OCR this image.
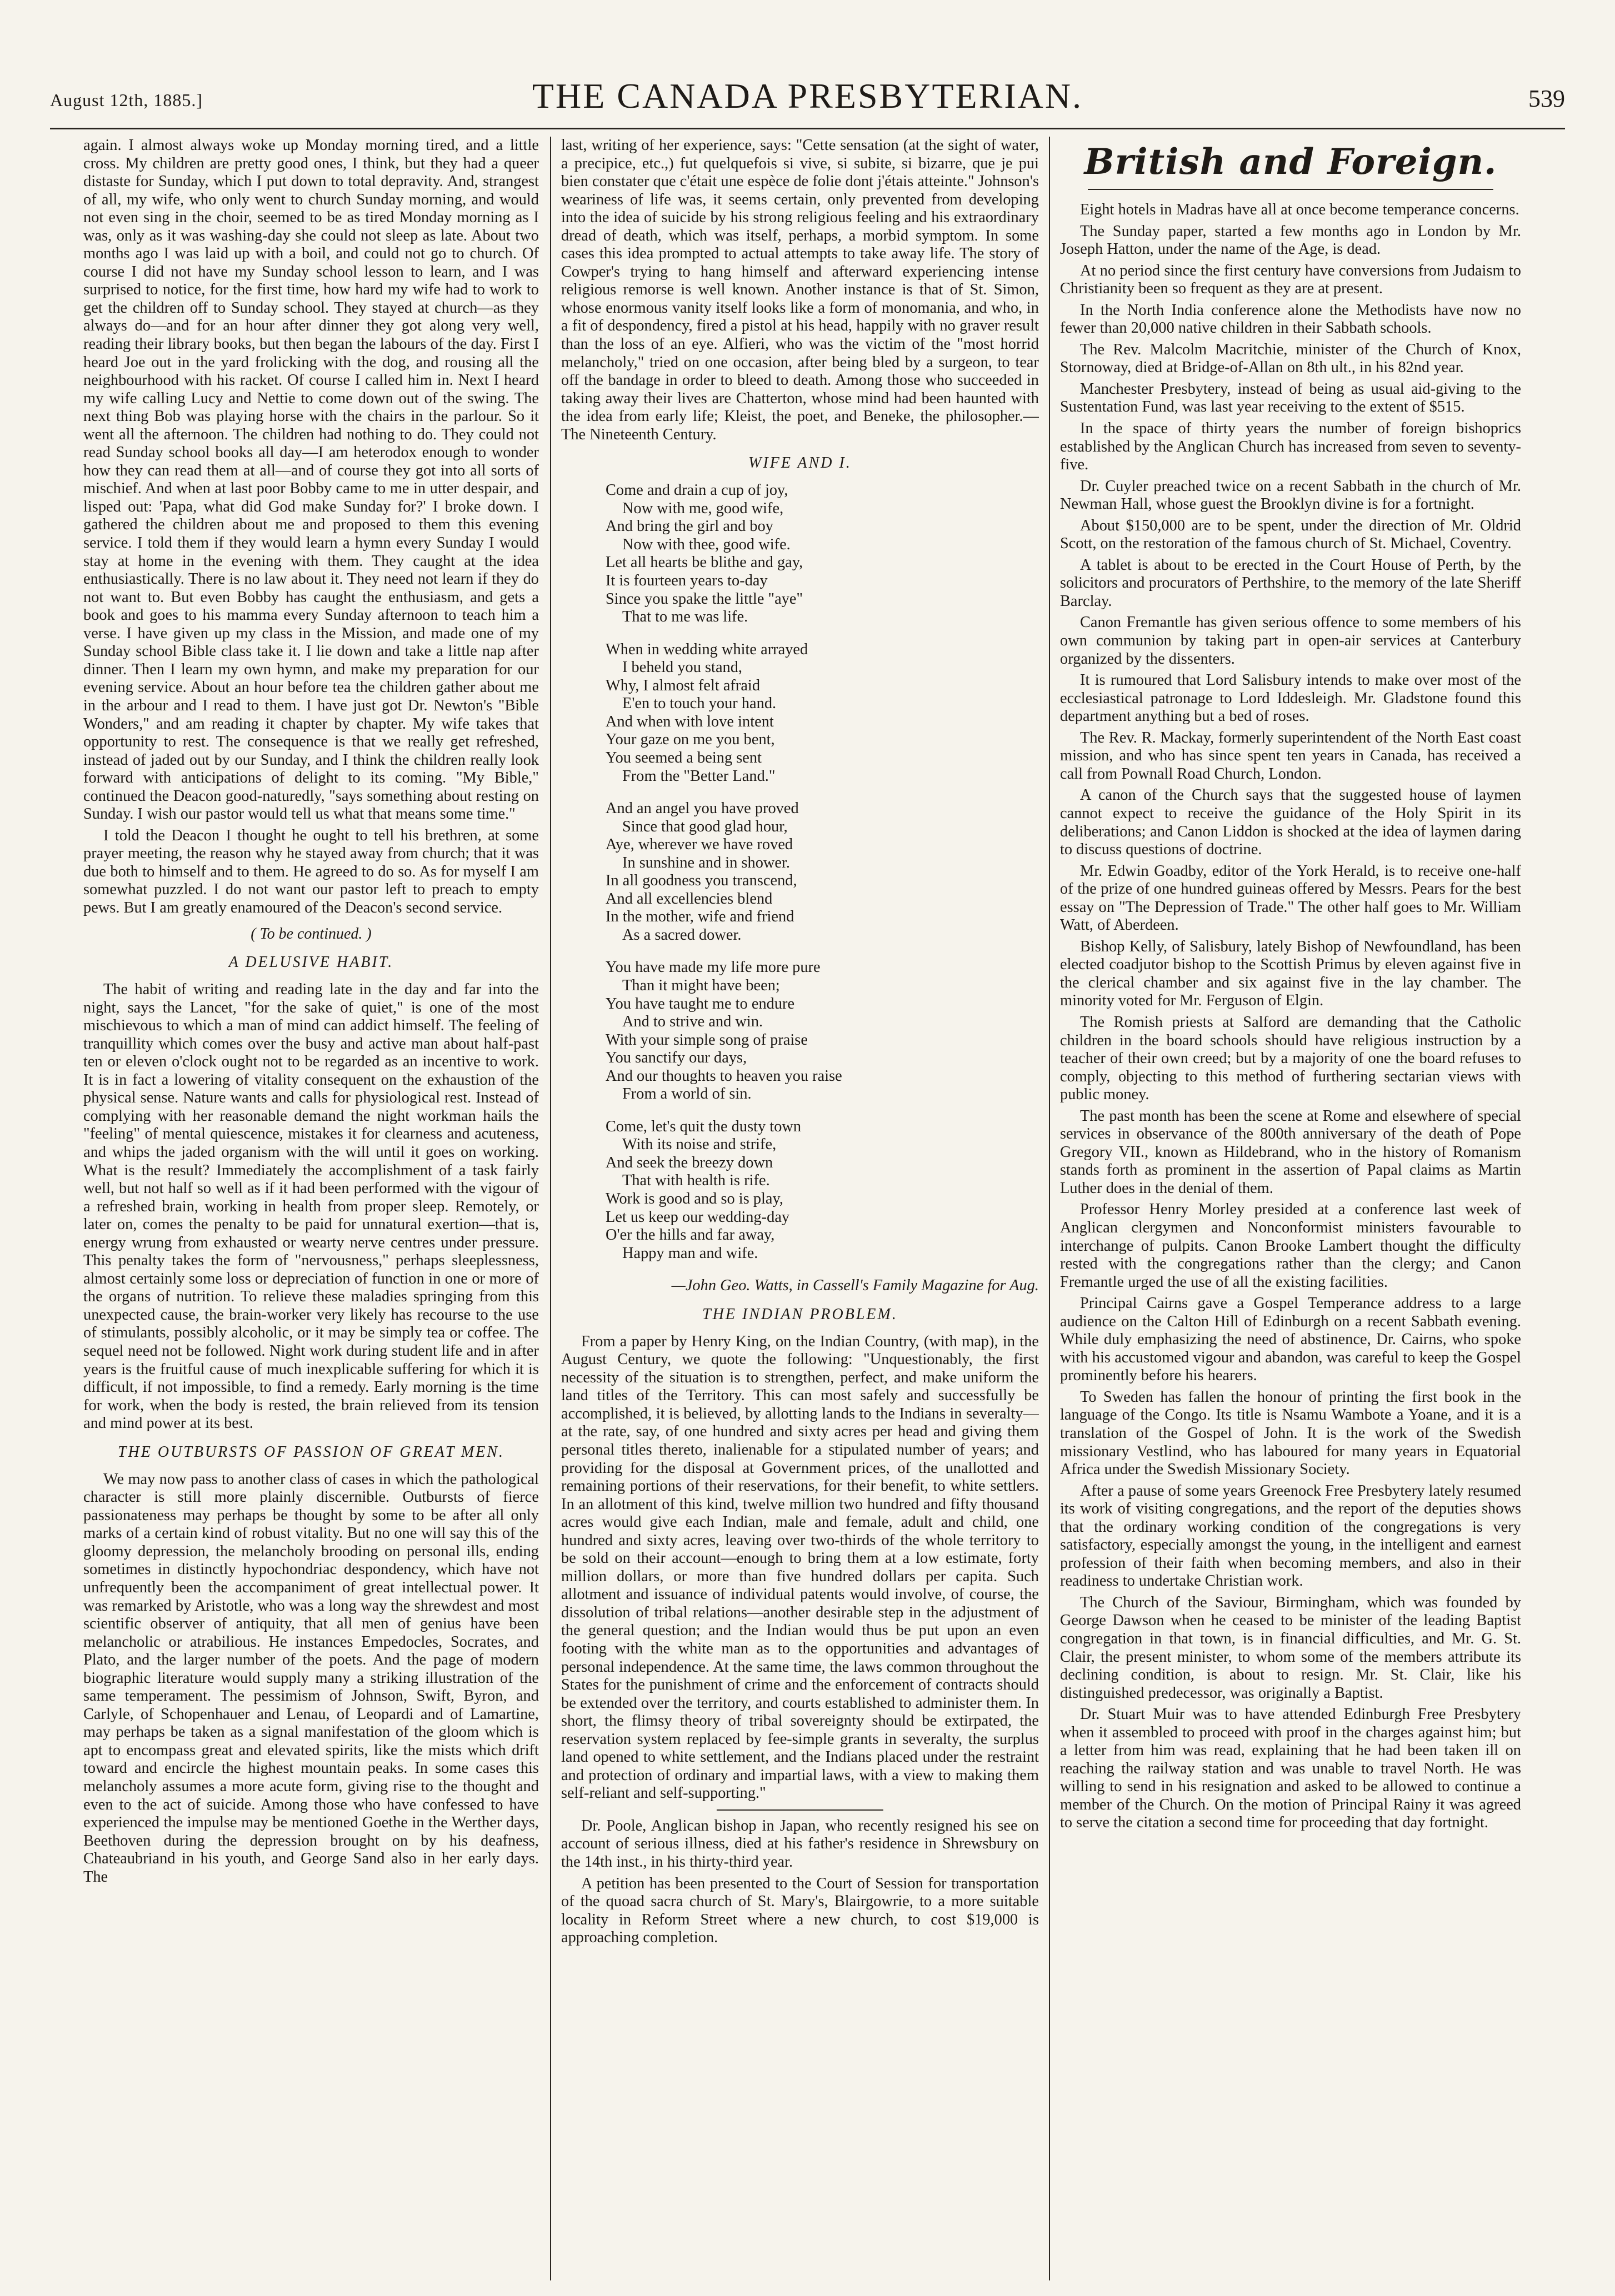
August 12th, 1885.]	THE CANADA PRESBYTERIAN.	539

again. I almost always woke up Monday morning tired, and a little cross. My children are pretty good ones, I think, but they had a queer distaste for Sunday, which I put down to total depravity. And, strangest of all, my wife, who only went to church Sunday morning, and would not even sing in the choir, seemed to be as tired Monday morning as I was, only as it was washing-day she could not sleep as late. About two months ago I was laid up with a boil, and could not go to church. Of course I did not have my Sunday school lesson to learn, and I was surprised to notice, for the first time, how hard my wife had to work to get the children off to Sunday school. They stayed at church—as they always do—and for an hour after dinner they got along very well, reading their library books, but then began the labours of the day. First I heard Joe out in the yard frolicking with the dog, and rousing all the neighbourhood with his racket. Of course I called him in. Next I heard my wife calling Lucy and Nettie to come down out of the swing. The next thing Bob was playing horse with the chairs in the parlour. So it went all the afternoon. The children had nothing to do. They could not read Sunday school books all day—I am heterodox enough to wonder how they can read them at all—and of course they got into all sorts of mischief. And when at last poor Bobby came to me in utter despair, and lisped out: 'Papa, what did God make Sunday for?' I broke down. I gathered the children about me and proposed to them this evening service. I told them if they would learn a hymn every Sunday I would stay at home in the evening with them. They caught at the idea enthusiastically. There is no law about it. They need not learn if they do not want to. But even Bobby has caught the enthusiasm, and gets a book and goes to his mamma every Sunday afternoon to teach him a verse. I have given up my class in the Mission, and made one of my Sunday school Bible class take it. I lie down and take a little nap after dinner. Then I learn my own hymn, and make my preparation for our evening service. About an hour before tea the children gather about me in the arbour and I read to them. I have just got Dr. Newton's "Bible Wonders," and am reading it chapter by chapter. My wife takes that opportunity to rest. The consequence is that we really get refreshed, instead of jaded out by our Sunday, and I think the children really look forward with anticipations of delight to its coming. "My Bible," continued the Deacon good-naturedly, "says something about resting on Sunday. I wish our pastor would tell us what that means some time."

I told the Deacon I thought he ought to tell his brethren, at some prayer meeting, the reason why he stayed away from church; that it was due both to himself and to them. He agreed to do so. As for myself I am somewhat puzzled. I do not want our pastor left to preach to empty pews. But I am greatly enamoured of the Deacon's second service.

( To be continued. )
A DELUSIVE HABIT.

The habit of writing and reading late in the day and far into the night, says the Lancet, "for the sake of quiet," is one of the most mischievous to which a man of mind can addict himself. The feeling of tranquillity which comes over the busy and active man about half-past ten or eleven o'clock ought not to be regarded as an incentive to work. It is in fact a lowering of vitality consequent on the exhaustion of the physical sense. Nature wants and calls for physiological rest. Instead of complying with her reasonable demand the night workman hails the "feeling" of mental quiescence, mistakes it for clearness and acuteness, and whips the jaded organism with the will until it goes on working. What is the result? Immediately the accomplishment of a task fairly well, but not half so well as if it had been performed with the vigour of a refreshed brain, working in health from proper sleep. Remotely, or later on, comes the penalty to be paid for unnatural exertion—that is, energy wrung from exhausted or wearty nerve centres under pressure. This penalty takes the form of "nervousness," perhaps sleeplessness, almost certainly some loss or depreciation of function in one or more of the organs of nutrition. To relieve these maladies springing from this unexpected cause, the brain-worker very likely has recourse to the use of stimulants, possibly alcoholic, or it may be simply tea or coffee. The sequel need not be followed. Night work during student life and in after years is the fruitful cause of much inexplicable suffering for which it is difficult, if not impossible, to find a remedy. Early morning is the time for work, when the body is rested, the brain relieved from its tension and mind power at its best.

THE OUTBURSTS OF PASSION OF GREAT MEN.

We may now pass to another class of cases in which the pathological character is still more plainly discernible. Outbursts of fierce passionateness may perhaps be thought by some to be after all only marks of a certain kind of robust vitality. But no one will say this of the gloomy depression, the melancholy brooding on personal ills, ending sometimes in distinctly hypochondriac despondency, which have not unfrequently been the accompaniment of great intellectual power. It was remarked by Aristotle, who was a long way the shrewdest and most scientific observer of antiquity, that all men of genius have been melancholic or atrabilious. He instances Empedocles, Socrates, and Plato, and the larger number of the poets. And the page of modern biographic literature would supply many a striking illustration of the same temperament. The pessimism of Johnson, Swift, Byron, and Carlyle, of Schopenhauer and Lenau, of Leopardi and of Lamartine, may perhaps be taken as a signal manifestation of the gloom which is apt to encompass great and elevated spirits, like the mists which drift toward and encircle the highest mountain peaks. In some cases this melancholy assumes a more acute form, giving rise to the thought and even to the act of suicide. Among those who have confessed to have experienced the impulse may be mentioned Goethe in the Werther days, Beethoven during the depression brought on by his deafness, Chateaubriand in his youth, and George Sand also in her early days. The

last, writing of her experience, says: "Cette sensation (at the sight of water, a precipice, etc.,) fut quelquefois si vive, si subite, si bizarre, que je pui bien constater que c'était une espèce de folie dont j'étais atteinte." Johnson's weariness of life was, it seems certain, only prevented from developing into the idea of suicide by his strong religious feeling and his extraordinary dread of death, which was itself, perhaps, a morbid symptom. In some cases this idea prompted to actual attempts to take away life. The story of Cowper's trying to hang himself and afterward experiencing intense religious remorse is well known. Another instance is that of St. Simon, whose enormous vanity itself looks like a form of monomania, and who, in a fit of despondency, fired a pistol at his head, happily with no graver result than the loss of an eye. Alfieri, who was the victim of the "most horrid melancholy," tried on one occasion, after being bled by a surgeon, to tear off the bandage in order to bleed to death. Among those who succeeded in taking away their lives are Chatterton, whose mind had been haunted with the idea from early life; Kleist, the poet, and Beneke, the philosopher.—The Nineteenth Century.

WIFE AND I.
Come and drain a cup of joy,
Now with me, good wife,
And bring the girl and boy
Now with thee, good wife.
Let all hearts be blithe and gay,
It is fourteen years to-day
Since you spake the little "aye"
That to me was life.
When in wedding white arrayed
I beheld you stand,
Why, I almost felt afraid
E'en to touch your hand.
And when with love intent
Your gaze on me you bent,
You seemed a being sent
From the "Better Land."
And an angel you have proved
Since that good glad hour,
Aye, wherever we have roved
In sunshine and in shower.
In all goodness you transcend,
And all excellencies blend
In the mother, wife and friend
As a sacred dower.
You have made my life more pure
Than it might have been;
You have taught me to endure
And to strive and win.
With your simple song of praise
You sanctify our days,
And our thoughts to heaven you raise
From a world of sin.
Come, let's quit the dusty town
With its noise and strife,
And seek the breezy down
That with health is rife.
Work is good and so is play,
Let us keep our wedding-day
O'er the hills and far away,
Happy man and wife.
—John Geo. Watts, in Cassell's Family Magazine for Aug.
THE INDIAN PROBLEM.

From a paper by Henry King, on the Indian Country, (with map), in the August Century, we quote the following: "Unquestionably, the first necessity of the situation is to strengthen, perfect, and make uniform the land titles of the Territory. This can most safely and successfully be accomplished, it is believed, by allotting lands to the Indians in severalty—at the rate, say, of one hundred and sixty acres per head and giving them personal titles thereto, inalienable for a stipulated number of years; and providing for the disposal at Government prices, of the unallotted and remaining portions of their reservations, for their benefit, to white settlers. In an allotment of this kind, twelve million two hundred and fifty thousand acres would give each Indian, male and female, adult and child, one hundred and sixty acres, leaving over two-thirds of the whole territory to be sold on their account—enough to bring them at a low estimate, forty million dollars, or more than five hundred dollars per capita. Such allotment and issuance of individual patents would involve, of course, the dissolution of tribal relations—another desirable step in the adjustment of the general question; and the Indian would thus be put upon an even footing with the white man as to the opportunities and advantages of personal independence. At the same time, the laws common throughout the States for the punishment of crime and the enforcement of contracts should be extended over the territory, and courts established to administer them. In short, the flimsy theory of tribal sovereignty should be extirpated, the reservation system replaced by fee-simple grants in severalty, the surplus land opened to white settlement, and the Indians placed under the restraint and protection of ordinary and impartial laws, with a view to making them self-reliant and self-supporting."

Dr. Poole, Anglican bishop in Japan, who recently resigned his see on account of serious illness, died at his father's residence in Shrewsbury on the 14th inst., in his thirty-third year.

A petition has been presented to the Court of Session for transportation of the quoad sacra church of St. Mary's, Blairgowrie, to a more suitable locality in Reform Street where a new church, to cost $19,000 is approaching completion.

British and Foreign.

Eight hotels in Madras have all at once become temperance concerns.

The Sunday paper, started a few months ago in London by Mr. Joseph Hatton, under the name of the Age, is dead.

At no period since the first century have conversions from Judaism to Christianity been so frequent as they are at present.

In the North India conference alone the Methodists have now no fewer than 20,000 native children in their Sabbath schools.

The Rev. Malcolm Macritchie, minister of the Church of Knox, Stornoway, died at Bridge-of-Allan on 8th ult., in his 82nd year.

Manchester Presbytery, instead of being as usual aid-giving to the Sustentation Fund, was last year receiving to the extent of $515.

In the space of thirty years the number of foreign bishoprics established by the Anglican Church has increased from seven to seventy-five.

Dr. Cuyler preached twice on a recent Sabbath in the church of Mr. Newman Hall, whose guest the Brooklyn divine is for a fortnight.

About $150,000 are to be spent, under the direction of Mr. Oldrid Scott, on the restoration of the famous church of St. Michael, Coventry.

A tablet is about to be erected in the Court House of Perth, by the solicitors and procurators of Perthshire, to the memory of the late Sheriff Barclay.

Canon Fremantle has given serious offence to some members of his own communion by taking part in open-air services at Canterbury organized by the dissenters.

It is rumoured that Lord Salisbury intends to make over most of the ecclesiastical patronage to Lord Iddesleigh. Mr. Gladstone found this department anything but a bed of roses.

The Rev. R. Mackay, formerly superintendent of the North East coast mission, and who has since spent ten years in Canada, has received a call from Pownall Road Church, London.

A canon of the Church says that the suggested house of laymen cannot expect to receive the guidance of the Holy Spirit in its deliberations; and Canon Liddon is shocked at the idea of laymen daring to discuss questions of doctrine.

Mr. Edwin Goadby, editor of the York Herald, is to receive one-half of the prize of one hundred guineas offered by Messrs. Pears for the best essay on "The Depression of Trade." The other half goes to Mr. William Watt, of Aberdeen.

Bishop Kelly, of Salisbury, lately Bishop of Newfoundland, has been elected coadjutor bishop to the Scottish Primus by eleven against five in the clerical chamber and six against five in the lay chamber. The minority voted for Mr. Ferguson of Elgin.

The Romish priests at Salford are demanding that the Catholic children in the board schools should have religious instruction by a teacher of their own creed; but by a majority of one the board refuses to comply, objecting to this method of furthering sectarian views with public money.

The past month has been the scene at Rome and elsewhere of special services in observance of the 800th anniversary of the death of Pope Gregory VII., known as Hildebrand, who in the history of Romanism stands forth as prominent in the assertion of Papal claims as Martin Luther does in the denial of them.

Professor Henry Morley presided at a conference last week of Anglican clergymen and Nonconformist ministers favourable to interchange of pulpits. Canon Brooke Lambert thought the difficulty rested with the congregations rather than the clergy; and Canon Fremantle urged the use of all the existing facilities.

Principal Cairns gave a Gospel Temperance address to a large audience on the Calton Hill of Edinburgh on a recent Sabbath evening. While duly emphasizing the need of abstinence, Dr. Cairns, who spoke with his accustomed vigour and abandon, was careful to keep the Gospel prominently before his hearers.

To Sweden has fallen the honour of printing the first book in the language of the Congo. Its title is Nsamu Wambote a Yoane, and it is a translation of the Gospel of John. It is the work of the Swedish missionary Vestlind, who has laboured for many years in Equatorial Africa under the Swedish Missionary Society.

After a pause of some years Greenock Free Presbytery lately resumed its work of visiting congregations, and the report of the deputies shows that the ordinary working condition of the congregations is very satisfactory, especially amongst the young, in the intelligent and earnest profession of their faith when becoming members, and also in their readiness to undertake Christian work.

The Church of the Saviour, Birmingham, which was founded by George Dawson when he ceased to be minister of the leading Baptist congregation in that town, is in financial difficulties, and Mr. G. St. Clair, the present minister, to whom some of the members attribute its declining condition, is about to resign. Mr. St. Clair, like his distinguished predecessor, was originally a Baptist.

Dr. Stuart Muir was to have attended Edinburgh Free Presbytery when it assembled to proceed with proof in the charges against him; but a letter from him was read, explaining that he had been taken ill on reaching the railway station and was unable to travel North. He was willing to send in his resignation and asked to be allowed to continue a member of the Church. On the motion of Principal Rainy it was agreed to serve the citation a second time for proceeding that day fortnight.
